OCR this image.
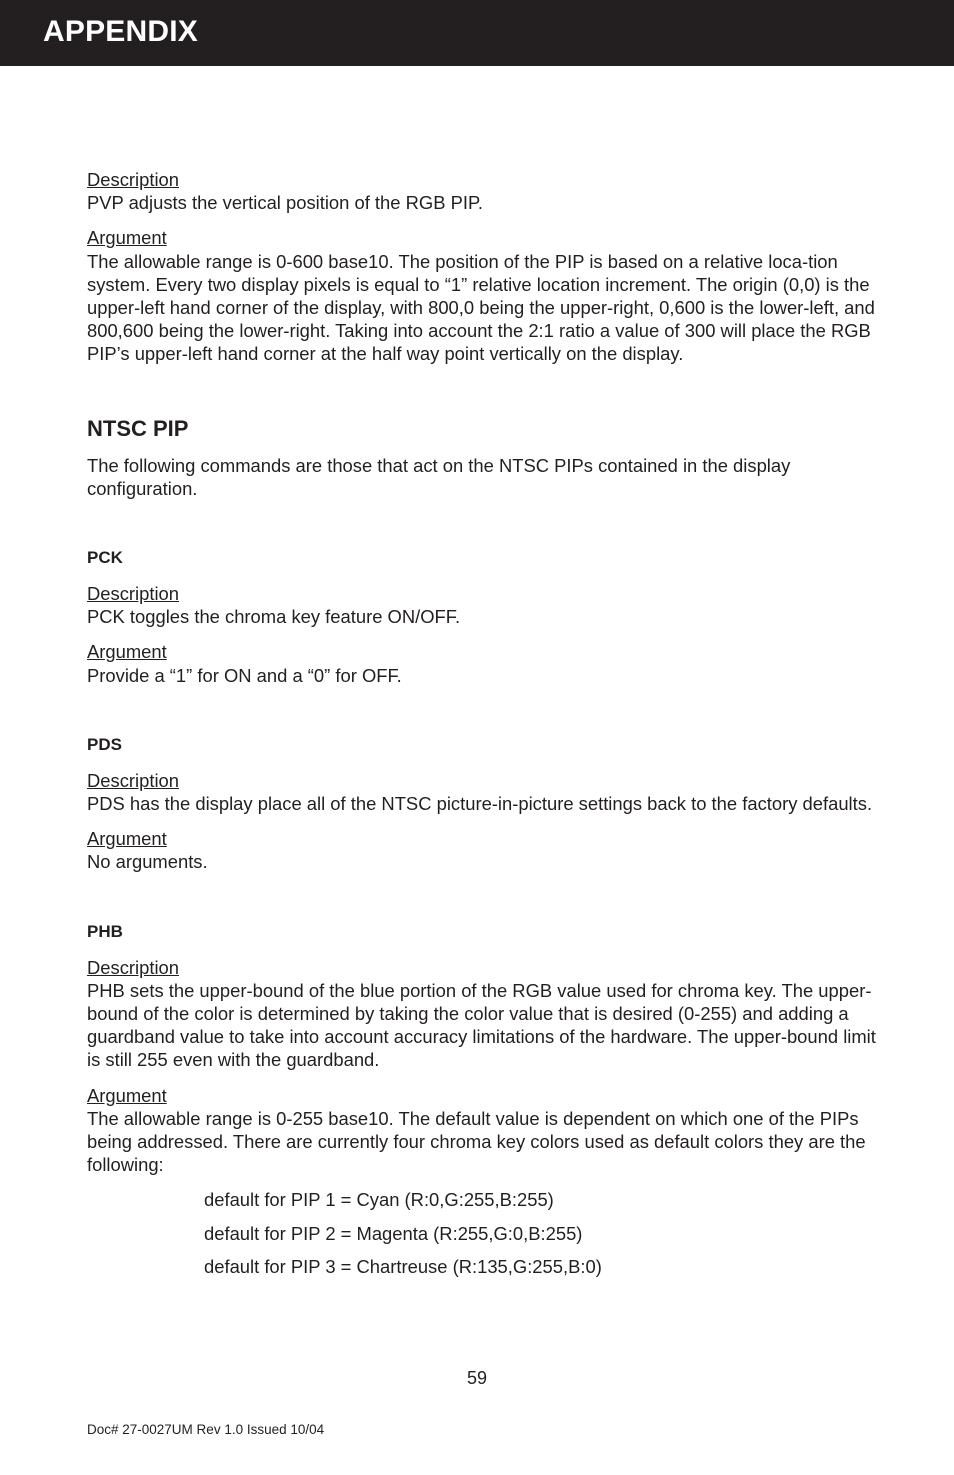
APPENDIX

Description

PVP adjusts the vertical position of the RGB PIP.

Argument

The allowable range is 0-600 base10. The position of the PIP is based on a relative loca-tion system. Every two display pixels is equal to “1” relative location increment. The origin (0,0) is the upper-left hand corner of the display, with 800,0 being the upper-right, 0,600 is the lower-left, and 800,600 being the lower-right. Taking into account the 2:1 ratio a value of 300 will place the RGB PIP’s upper-left hand corner at the half way point vertically on the display.

NTSC PIP

The following commands are those that act on the NTSC PIPs contained in the display configuration.

PCK

Description

PCK toggles the chroma key feature ON/OFF.

Argument

Provide a “1” for ON and a “0” for OFF.

PDS

Description

PDS has the display place all of the NTSC picture-in-picture settings back to the factory defaults.

Argument

No arguments.

PHB

Description

PHB sets the upper-bound of the blue portion of the RGB value used for chroma key. The upper-bound of the color is determined by taking the color value that is desired (0-255) and adding a guardband value to take into account accuracy limitations of the hardware. The upper-bound limit is still 255 even with the guardband.

Argument

The allowable range is 0-255 base10. The default value is dependent on which one of the PIPs being addressed. There are currently four chroma key colors used as default colors they are the following:

default for PIP 1 = Cyan (R:0,G:255,B:255)

default for PIP 2 = Magenta (R:255,G:0,B:255)

default for PIP 3 = Chartreuse (R:135,G:255,B:0)

59
Doc# 27-0027UM Rev 1.0 Issued 10/04
